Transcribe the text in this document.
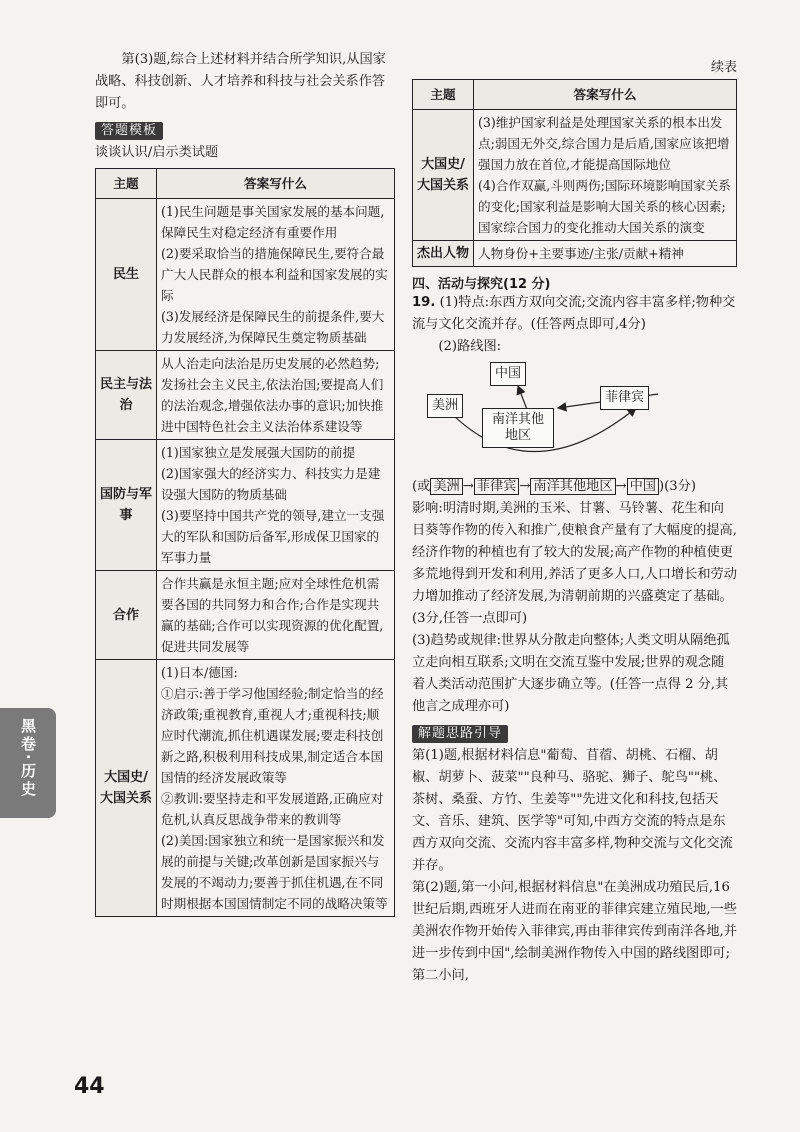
第(3)题,综合上述材料并结合所学知识,从国家战略、科技创新、人才培养和科技与社会关系作答即可。

答题模板

谈谈认识/启示类试题

主题	答案写什么
民生	(1)民生问题是事关国家发展的基本问题,保障民生对稳定经济有重要作用
(2)要采取恰当的措施保障民生,要符合最广大人民群众的根本利益和国家发展的实际
(3)发展经济是保障民生的前提条件,要大力发展经济,为保障民生奠定物质基础
民主与法治	从人治走向法治是历史发展的必然趋势;发扬社会主义民主,依法治国;要提高人们的法治观念,增强依法办事的意识;加快推进中国特色社会主义法治体系建设等
国防与军事	(1)国家独立是发展强大国防的前提
(2)国家强大的经济实力、科技实力是建设强大国防的物质基础
(3)要坚持中国共产党的领导,建立一支强大的军队和国防后备军,形成保卫国家的军事力量
合作	合作共赢是永恒主题;应对全球性危机需要各国的共同努力和合作;合作是实现共赢的基础;合作可以实现资源的优化配置,促进共同发展等
大国史/大国关系	(1)日本/德国:
①启示:善于学习他国经验;制定恰当的经济政策;重视教育,重视人才;重视科技;顺应时代潮流,抓住机遇谋发展;要走科技创新之路,积极利用科技成果,制定适合本国国情的经济发展政策等
②教训:要坚持走和平发展道路,正确应对危机,认真反思战争带来的教训等
(2)美国:国家独立和统一是国家振兴和发展的前提与关键;改革创新是国家振兴与发展的不竭动力;要善于抓住机遇,在不同时期根据本国国情制定不同的战略决策等

续表

主题	答案写什么
大国史/大国关系	(3)维护国家利益是处理国家关系的根本出发点;弱国无外交,综合国力是后盾,国家应该把增强国力放在首位,才能提高国际地位
(4)合作双赢,斗则两伤;国际环境影响国家关系的变化;国家利益是影响大国关系的核心因素;国家综合国力的变化推动大国关系的演变
杰出人物	人物身份+主要事迹/主张/贡献+精神

四、活动与探究(12 分)

19. (1)特点:东西方双向交流;交流内容丰富多样;物种交流与文化交流并存。(任答两点即可,4分)

(2)路线图:

中国
美洲
南洋其他地区
菲律宾

(或 美洲 → 菲律宾 → 南洋其他地区 → 中国 )(3分)

影响:明清时期,美洲的玉米、甘薯、马铃薯、花生和向日葵等作物的传入和推广,使粮食产量有了大幅度的提高,经济作物的种植也有了较大的发展;高产作物的种植使更多荒地得到开发和利用,养活了更多人口,人口增长和劳动力增加推动了经济发展,为清朝前期的兴盛奠定了基础。(3分,任答一点即可)

(3)趋势或规律:世界从分散走向整体;人类文明从隔绝孤立走向相互联系;文明在交流互鉴中发展;世界的观念随着人类活动范围扩大逐步确立等。(任答一点得 2 分,其他言之成理亦可)

解题思路引导

第(1)题,根据材料信息"葡萄、苜蓿、胡桃、石榴、胡椒、胡萝卜、菠菜""良种马、骆驼、狮子、鸵鸟""桃、茶树、桑蚕、方竹、生姜等""先进文化和科技,包括天文、音乐、建筑、医学等"可知,中西方交流的特点是东西方双向交流、交流内容丰富多样,物种交流与文化交流并存。

第(2)题,第一小问,根据材料信息"在美洲成功殖民后,16 世纪后期,西班牙人进而在南亚的菲律宾建立殖民地,一些美洲农作物开始传入菲律宾,再由菲律宾传到南洋各地,并进一步传到中国",绘制美洲作物传入中国的路线图即可;第二小问,

黑卷·历史
44
